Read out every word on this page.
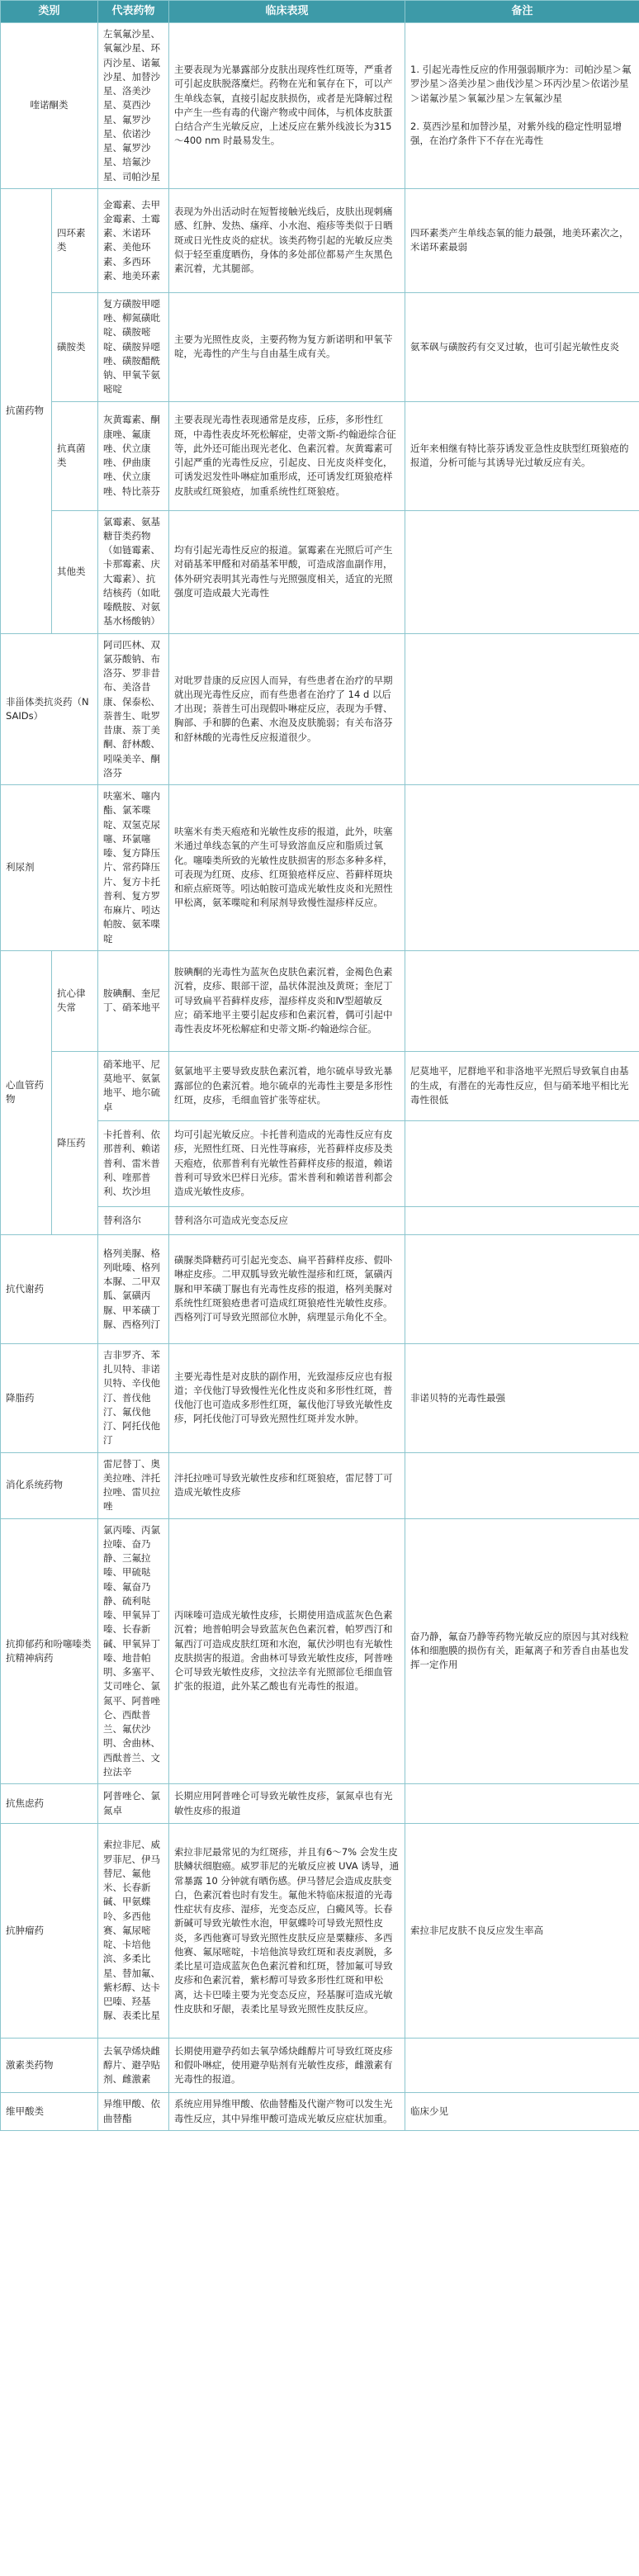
类别		代表药物	临床表现	备注
喹诺酮类		左氧氟沙星、氧氟沙星、环丙沙星、诺氟沙星、加替沙星、洛美沙星、莫西沙星、氟罗沙星、依诺沙星、氟罗沙星、培氟沙星、司帕沙星	主要表现为光暴露部分皮肤出现疼性红斑等，严重者可引起皮肤脱落糜烂。药物在光和氧存在下，可以产生单线态氧，直接引起皮肤损伤，或者是光降解过程中产生一些有毒的代谢产物或中间体，与机体皮肤蛋白结合产生光敏反应，上述反应在紫外线波长为315～400 nm 时最易发生。	1. 引起光毒性反应的作用强弱顺序为：司帕沙星＞氟罗沙星＞洛美沙星＞曲伐沙星＞环丙沙星＞依诺沙星＞诺氟沙星＞氧氟沙星＞左氧氟沙星

2. 莫西沙星和加替沙星，对紫外线的稳定性明显增强，在治疗条件下不存在光毒性
抗菌药物	四环素类	金霉素、去甲金霉素、土霉素、米诺环素、美他环素、多西环素、地美环素	表现为外出活动时在短暂接触光线后，皮肤出现刺痛感、红肿、发热、瘙痒、小水泡、疱疹等类似于日晒斑或日光性皮炎的症状。该类药物引起的光敏反应类似于轻至重度晒伤，身体的多处部位都易产生灰黑色素沉着，尤其腿部。	四环素类产生单线态氧的能力最强，地美环素次之，米诺环素最弱
	磺胺类	复方磺胺甲噁唑、柳氮磺吡啶、磺胺嘧啶、磺胺异噁唑、磺胺醋酰钠、甲氧苄氨嘧啶	主要为光照性皮炎，主要药物为复方新诺明和甲氧苄啶，光毒性的产生与自由基生成有关。	氨苯砜与磺胺药有交叉过敏，也可引起光敏性皮炎
	抗真菌类	灰黄霉素、酮康唑、氟康唑、伏立康唑、伊曲康唑、伏立康唑、特比萘芬	主要表现光毒性表现通常是皮疹，丘疹，多形性红斑，中毒性表皮坏死松解症，史蒂文斯-约翰逊综合征等，此外还可能出现光老化、色素沉着。灰黄霉素可引起严重的光毒性反应，引起皮、日光皮炎样变化，可诱发迟发性卟啉症加重形成，还可诱发红斑狼疮样皮肤或红斑狼疮，加重系统性红斑狼疮。	近年来相继有特比萘芬诱发亚急性皮肤型红斑狼疮的报道，分析可能与其诱导光过敏反应有关。
	其他类	氯霉素、氨基糖苷类药物（如链霉素、卡那霉素、庆大霉素）、抗结核药（如吡嗪酰胺、对氨基水杨酸钠）	均有引起光毒性反应的报道。氯霉素在光照后可产生对硝基苯甲醛和对硝基苯甲酸，可造成溶血副作用，体外研究表明其光毒性与光照强度相关，适宜的光照强度可造成最大光毒性	
非甾体类抗炎药（NSAIDs）		阿司匹林、双氯芬酸钠、布洛芬、罗非昔布、美洛昔康、保泰松、萘普生、吡罗昔康、萘丁美酮、舒林酸、吲哚美辛、酮洛芬	对吡罗昔康的反应因人而异，有些患者在治疗的早期就出现光毒性反应，而有些患者在治疗了 14 d 以后才出现；萘普生可出现假卟啉症反应，表现为手臂、胸部、手和脚的色素、水泡及皮肤脆弱；有关布洛芬和舒林酸的光毒性反应报道很少。	
利尿剂		呋塞米、噻内酯、氯苯喋啶、双氢克尿噻、环氯噻嗪、复方降压片、常药降压片、复方卡托普利、复方罗布麻片、吲达帕胺、氨苯喋啶	呋塞米有类天疱疮和光敏性皮疹的报道，此外，呋塞米通过单线态氧的产生可导致溶血反应和脂质过氧化。噻嗪类所致的光敏性皮肤损害的形态多种多样，可表现为红斑、皮疹、红斑狼疮样反应、苔藓样斑块和瘀点瘀斑等。吲达帕胺可造成光敏性皮炎和光照性甲松离，氨苯喋啶和利尿剂导致慢性湿疹样反应。	
心血管药物	抗心律失常	胺碘酮、奎尼丁、硝苯地平	胺碘酮的光毒性为蓝灰色皮肤色素沉着，金褐色色素沉着，皮疹、眼部干涩，晶状体混浊及黄斑；奎尼丁可导致扁平苔藓样皮疹，湿疹样皮炎和Ⅳ型超敏反应；硝苯地平主要引起皮疹和色素沉着，偶可引起中毒性表皮坏死松解症和史蒂文斯-约翰逊综合征。	
	降压药	硝苯地平、尼莫地平、氨氯地平、地尔硫卓	氨氯地平主要导致皮肤色素沉着，地尔硫卓导致光暴露部位的色素沉着。地尔硫卓的光毒性主要是多形性红斑，皮疹，毛细血管扩张等症状。	尼莫地平，尼群地平和非洛地平光照后导致氧自由基的生成，有潜在的光毒性反应，但与硝苯地平相比光毒性很低
		卡托普利、依那普利、赖诺普利、雷米普利、喹那普利、坎沙坦	均可引起光敏反应。卡托普利造成的光毒性反应有皮疹，光照性红斑、日光性荨麻疹，光苔藓样皮疹及类天疱疮，依那普利有光敏性苔藓样皮疹的报道，赖诺普利可导致米巴样日光疹。雷米普利和赖诺普利都会造成光敏性皮疹。	
		替利洛尔	替利洛尔可造成光变态反应	
抗代谢药		格列美脲、格列吡嗪、格列本脲、二甲双胍、氯磺丙脲、甲苯磺丁脲、西格列汀	磺脲类降糖药可引起光变态、扁平苔藓样皮疹、假卟啉症皮疹。二甲双胍导致光敏性湿疹和红斑，氯磺丙脲和甲苯磺丁脲也有光毒性皮疹的报道，格列美脲对系统性红斑狼疮患者可造成红斑狼疮性光敏性皮疹。西格列汀可导致光照部位水肿，病理显示角化不全。	
降脂药		吉非罗齐、苯扎贝特、非诺贝特、辛伐他汀、普伐他汀、氟伐他汀、阿托伐他汀	主要光毒性是对皮肤的副作用，光致湿疹反应也有报道；辛伐他汀导致慢性光化性皮炎和多形性红斑，普伐他汀也可造成多形性红斑，氟伐他汀导致光敏性皮疹，阿托伐他汀可导致光照性红斑并发水肿。	非诺贝特的光毒性最强
消化系统药物		雷尼替丁、奥美拉唑、泮托拉唑、雷贝拉唑	泮托拉唑可导致光敏性皮疹和红斑狼疮，雷尼替丁可造成光敏性皮疹	
抗抑郁药和吩噻嗪类抗精神病药		氯丙嗪、丙氯拉嗪、奋乃静、三氟拉嗪、甲硫哒嗪、氟奋乃静、硫利哒嗪、甲氧异丁嗪、长春新碱、甲氧异丁嗪、地昔帕明、多塞平、艾司唑仑、氯氮平、阿普唑仑、西酞普兰、氟伏沙明、舍曲林、西酞普兰、文拉法辛	丙咪嗪可造成光敏性皮疹，长期使用造成蓝灰色色素沉着；地普帕明会导致蓝灰色色素沉着，帕罗西汀和氟西汀可造成皮肤红斑和水泡，氟伏沙明也有光敏性皮肤损害的报道。舍曲林可导致光敏性皮疹，阿普唑仑可导致光敏性皮疹，文拉法辛有光照部位毛细血管扩张的报道，此外某乙酸也有光毒性的报道。	奋乃静，氟奋乃静等药物光敏反应的原因与其对线粒体和细胞膜的损伤有关，距氟离子和芳香自由基也发挥一定作用
抗焦虑药		阿普唑仑、氯氮卓	长期应用阿普唑仑可导致光敏性皮疹，氯氮卓也有光敏性皮疹的报道	
抗肿瘤药		索拉非尼、威罗菲尼、伊马替尼、氟他米、长春新碱、甲氨蝶呤、多西他赛、氟尿嘧啶、卡培他滨、多柔比星、替加氟、紫杉醇、达卡巴嗪、羟基脲、表柔比星	索拉非尼最常见的为红斑疹，并且有6～7% 会发生皮肤鳞状细胞癌。威罗菲尼的光敏反应被 UVA 诱导，通常暴露 10 分钟就有晒伤感。伊马替尼会造成皮肤变白，色素沉着也时有发生。氟他米特临床报道的光毒性症状有皮疹、湿疹，光变态反应，白癜风等。长春新碱可导致光敏性水泡，甲氨蝶呤可导致光照性皮炎，多西他赛可导致光照性皮肤反应是粟糠疹、多西他赛、氟尿嘧啶，卡培他滨导致红斑和表皮剥脱，多柔比星可造成蓝灰色色素沉着和红斑，替加氟可导致皮疹和色素沉着，紫杉醇可导致多形性红斑和甲松离，达卡巴嗪主要为光变态反应，羟基脲可造成光敏性皮肤和牙龈，表柔比星导致光照性皮肤反应。	索拉非尼皮肤不良反应发生率高
激素类药物		去氧孕烯炔雌醇片、避孕贴剂、雌激素	长期使用避孕药如去氧孕烯炔雌醇片可导致红斑皮疹和假卟啉症，使用避孕贴剂有光敏性皮疹，雌激素有光毒性的报道。	
维甲酸类		异维甲酸、依曲替酯	系统应用异维甲酸、依曲替酯及代谢产物可以发生光毒性反应，其中异维甲酸可造成光敏反应症状加重。	临床少见
